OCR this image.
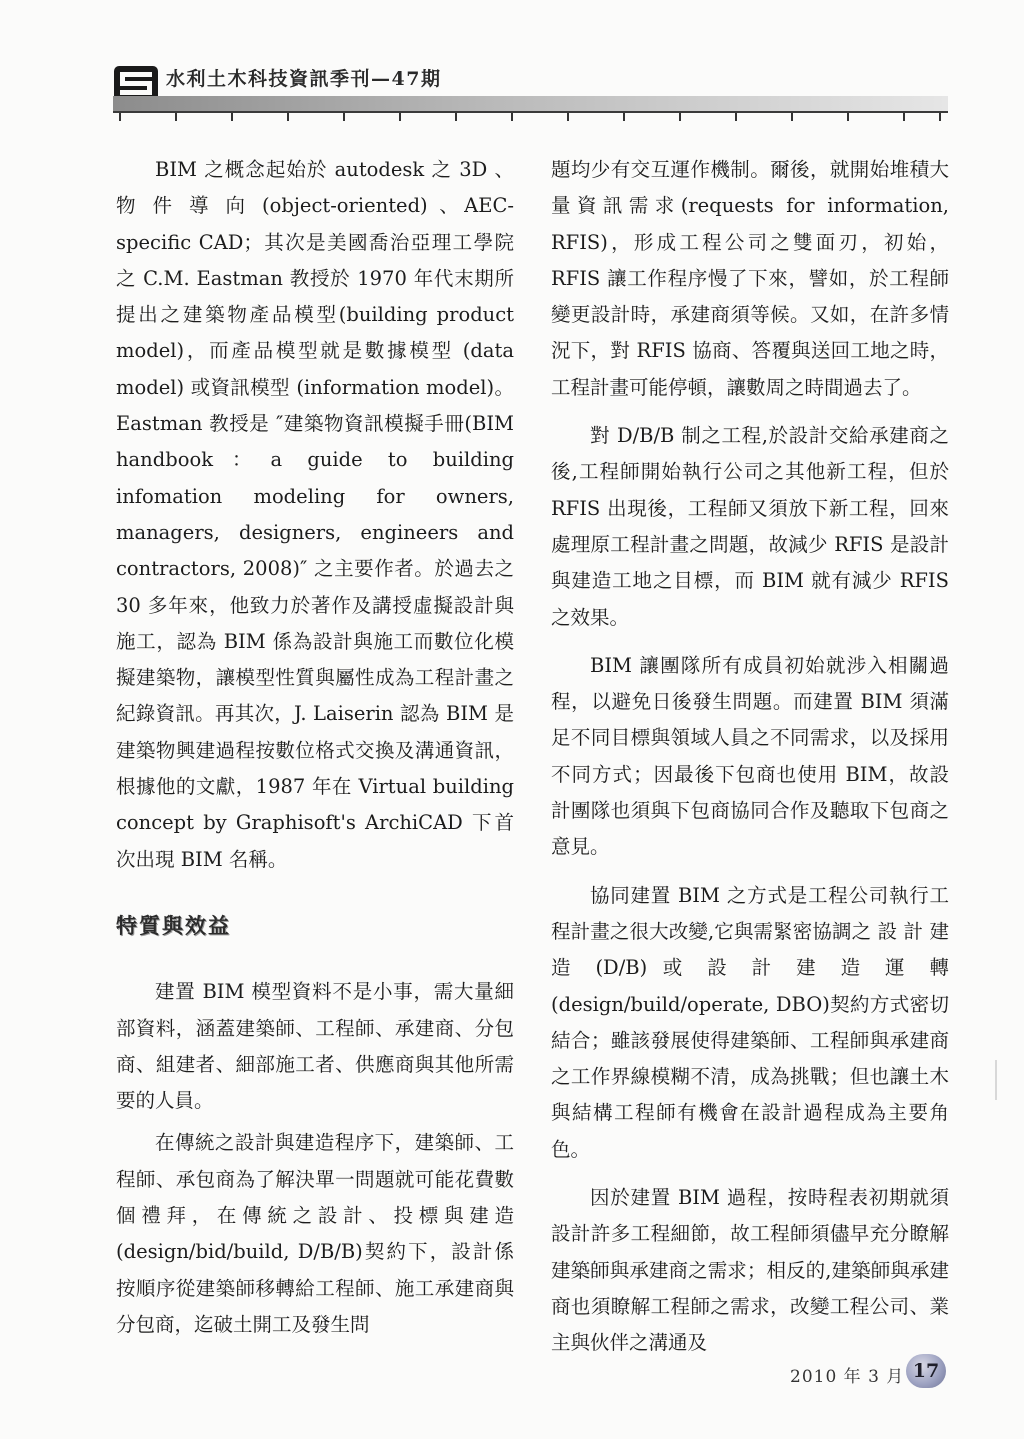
水利土木科技資訊季刊—47期

BIM 之概念起始於 autodesk 之 3D 、 物 件 導 向 (object-oriented) 、AEC-specific CAD；其次是美國喬治亞理工學院之 C.M. Eastman 教授於 1970 年代末期所提出之建築物產品模型(building product model)，而產品模型就是數據模型 (data model) 或資訊模型 (information model)。Eastman 教授是 ″建築物資訊模擬手冊(BIM handbook：a guide to building infomation modeling for owners, managers, designers, engineers and contractors, 2008)″ 之主要作者。於過去之 30 多年來，他致力於著作及講授虛擬設計與施工，認為 BIM 係為設計與施工而數位化模擬建築物，讓模型性質與屬性成為工程計畫之紀錄資訊。再其次，J. Laiserin 認為 BIM 是建築物興建過程按數位格式交換及溝通資訊，根據他的文獻，1987 年在 Virtual building concept by Graphisoft's ArchiCAD 下首次出現 BIM 名稱。

特質與效益

建置 BIM 模型資料不是小事，需大量細部資料，涵蓋建築師、工程師、承建商、分包商、組建者、細部施工者、供應商與其他所需要的人員。

在傳統之設計與建造程序下，建築師、工程師、承包商為了解決單一問題就可能花費數個禮拜，在傳統之設計、投標與建造(design/bid/build, D/B/B)契約下，設計係按順序從建築師移轉給工程師、施工承建商與分包商，迄破土開工及發生問

題均少有交互運作機制。爾後，就開始堆積大量資訊需求(requests for information, RFIS)，形成工程公司之雙面刃，初始，RFIS 讓工作程序慢了下來，譬如，於工程師變更設計時，承建商須等候。又如，在許多情況下，對 RFIS 協商、答覆與送回工地之時，工程計畫可能停頓，讓數周之時間過去了。

對 D/B/B 制之工程,於設計交給承建商之後,工程師開始執行公司之其他新工程，但於 RFIS 出現後，工程師又須放下新工程，回來處理原工程計畫之問題，故減少 RFIS 是設計與建造工地之目標，而 BIM 就有減少 RFIS 之效果。

BIM 讓團隊所有成員初始就涉入相關過程，以避免日後發生問題。而建置 BIM 須滿足不同目標與領域人員之不同需求，以及採用不同方式；因最後下包商也使用 BIM，故設計團隊也須與下包商協同合作及聽取下包商之意見。

協同建置 BIM 之方式是工程公司執行工程計畫之很大改變,它與需緊密協調之 設 計 建 造 (D/B) 或 設 計 建 造 運 轉 (design/build/operate, DBO)契約方式密切結合；雖該發展使得建築師、工程師與承建商之工作界線模糊不清，成為挑戰；但也讓土木與結構工程師有機會在設計過程成為主要角色。

因於建置 BIM 過程，按時程表初期就須設計許多工程細節，故工程師須儘早充分瞭解建築師與承建商之需求；相反的,建築師與承建商也須瞭解工程師之需求，改變工程公司、業主與伙伴之溝通及

2010 年 3 月 17
